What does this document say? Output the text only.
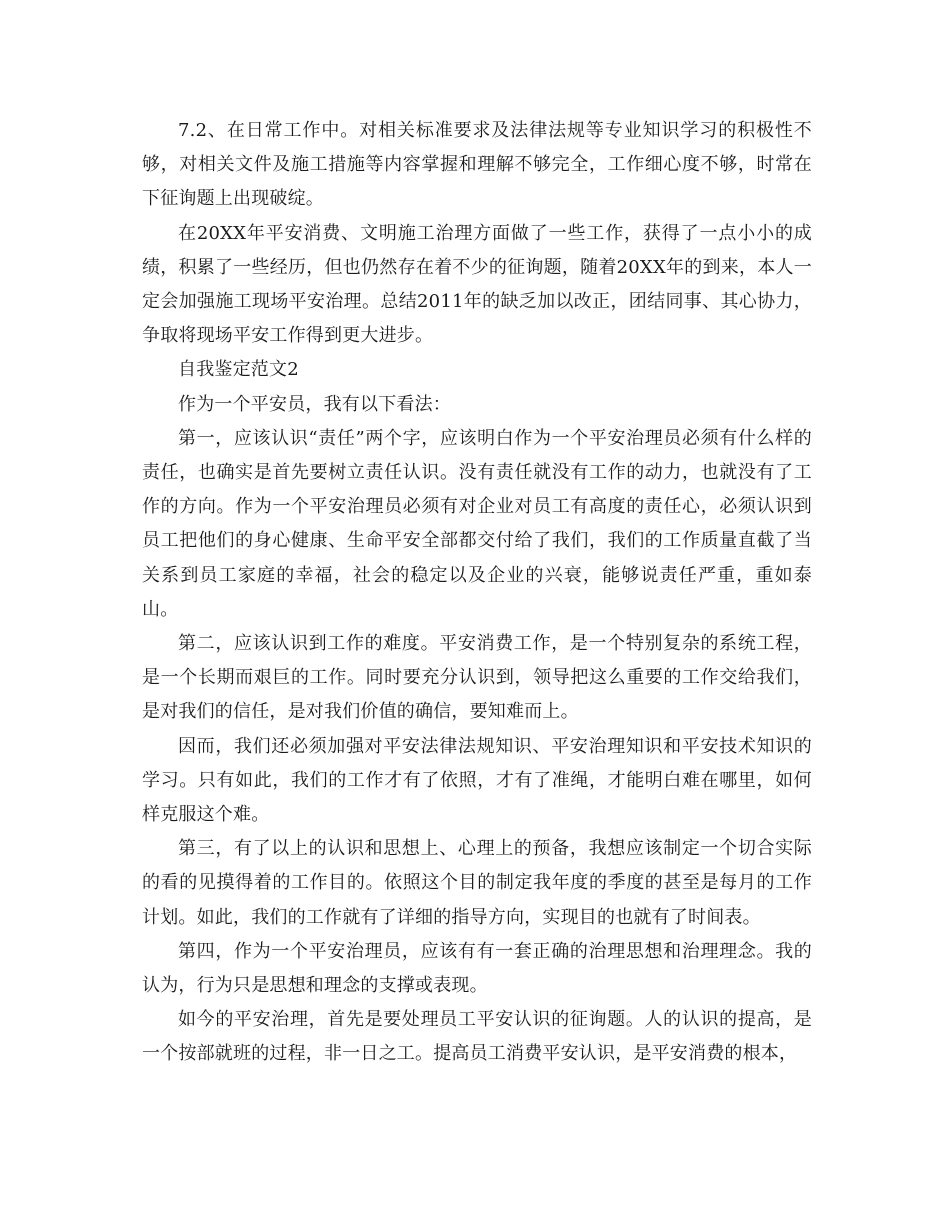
7.2、在日常工作中。对相关标准要求及法律法规等专业知识学习的积极性不够，对相关文件及施工措施等内容掌握和理解不够完全，工作细心度不够，时常在下征询题上出现破绽。

在20XX年平安消费、文明施工治理方面做了一些工作，获得了一点小小的成绩，积累了一些经历，但也仍然存在着不少的征询题，随着20XX年的到来，本人一定会加强施工现场平安治理。总结2011年的缺乏加以改正，团结同事、其心协力，争取将现场平安工作得到更大进步。

自我鉴定范文2

作为一个平安员，我有以下看法：

第一，应该认识“责任”两个字，应该明白作为一个平安治理员必须有什么样的责任，也确实是首先要树立责任认识。没有责任就没有工作的动力，也就没有了工作的方向。作为一个平安治理员必须有对企业对员工有高度的责任心，必须认识到员工把他们的身心健康、生命平安全部都交付给了我们，我们的工作质量直截了当关系到员工家庭的幸福，社会的稳定以及企业的兴衰，能够说责任严重，重如泰山。

第二，应该认识到工作的难度。平安消费工作，是一个特别复杂的系统工程，是一个长期而艰巨的工作。同时要充分认识到，领导把这么重要的工作交给我们，是对我们的信任，是对我们价值的确信，要知难而上。

因而，我们还必须加强对平安法律法规知识、平安治理知识和平安技术知识的学习。只有如此，我们的工作才有了依照，才有了准绳，才能明白难在哪里，如何样克服这个难。

第三，有了以上的认识和思想上、心理上的预备，我想应该制定一个切合实际的看的见摸得着的工作目的。依照这个目的制定我年度的季度的甚至是每月的工作计划。如此，我们的工作就有了详细的指导方向，实现目的也就有了时间表。

第四，作为一个平安治理员，应该有有一套正确的治理思想和治理理念。我的认为，行为只是思想和理念的支撑或表现。

如今的平安治理，首先是要处理员工平安认识的征询题。人的认识的提高，是一个按部就班的过程，非一日之工。提高员工消费平安认识，是平安消费的根本，
